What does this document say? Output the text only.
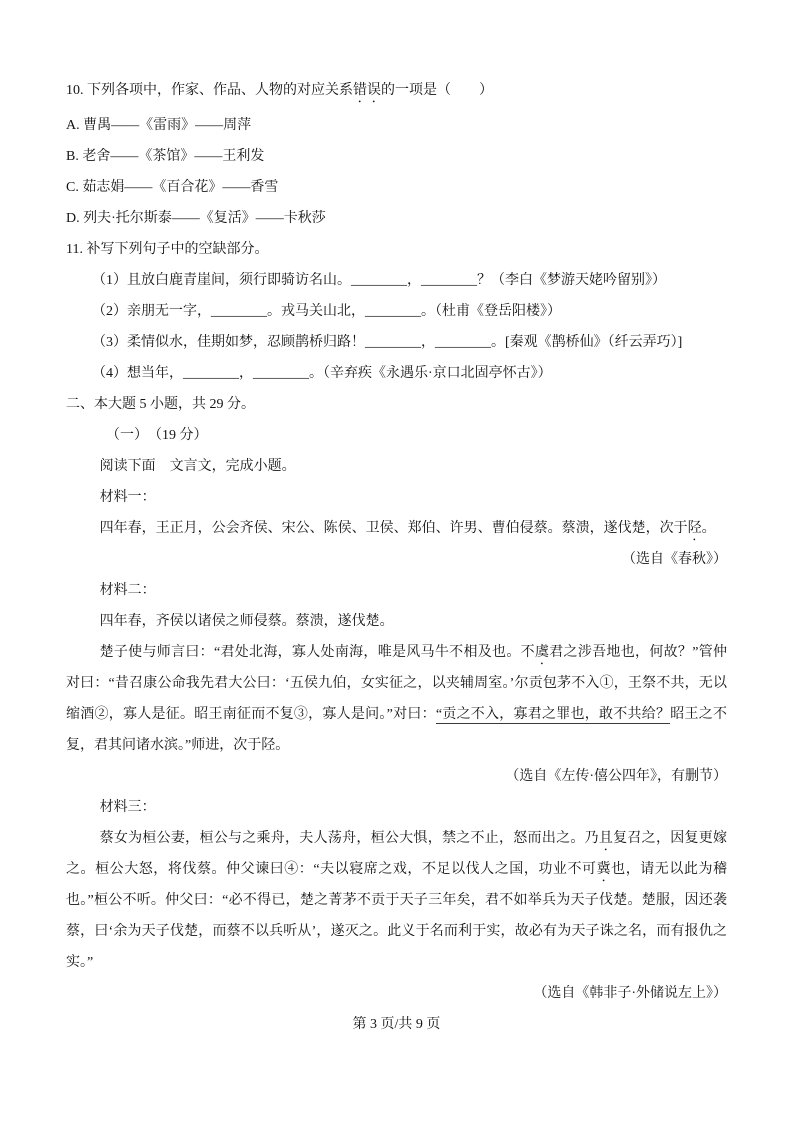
10. 下列各项中，作家、作品、人物的对应关系错误的一项是（　　）

A. 曹禺——《雷雨》——周萍

B. 老舍——《茶馆》——王利发

C. 茹志娟——《百合花》——香雪

D. 列夫·托尔斯泰——《复活》——卡秋莎

11. 补写下列句子中的空缺部分。

（1）且放白鹿青崖间，须行即骑访名山。________，________？（李白《梦游天姥吟留别》）

（2）亲朋无一字，________。戎马关山北，________。（杜甫《登岳阳楼》）

（3）柔情似水，佳期如梦，忍顾鹊桥归路！________，________。[秦观《鹊桥仙》（纤云弄巧）]

（4）想当年，________，________。（辛弃疾《永遇乐·京口北固亭怀古》）

二、本大题 5 小题，共 29 分。

（一）　（19 分）

阅读下面　文言文，完成小题。

材料一：

四年春，王正月，公会齐侯、宋公、陈侯、卫侯、郑伯、许男、曹伯侵蔡。蔡溃，遂伐楚，次于陉。

（选自《春秋》）

材料二：

四年春，齐侯以诸侯之师侵蔡。蔡溃，遂伐楚。

楚子使与师言曰：“君处北海，寡人处南海，唯是风马牛不相及也。不虞君之涉吾地也，何故？”管仲对曰：“昔召康公命我先君大公曰：‘五侯九伯，女实征之，以夹辅周室。’尔贡包茅不入①，王祭不共，无以缩酒②，寡人是征。昭王南征而不复③，寡人是问。”对曰：“贡之不入，寡君之罪也，敢不共给？昭王之不复，君其问诸水滨。”师进，次于陉。

（选自《左传·僖公四年》，有删节）

材料三：

蔡女为桓公妻，桓公与之乘舟，夫人荡舟，桓公大惧，禁之不止，怒而出之。乃且复召之，因复更嫁之。桓公大怒，将伐蔡。仲父谏曰④：“夫以寝席之戏，不足以伐人之国，功业不可冀也，请无以此为稽也。”桓公不听。仲父曰：“必不得已，楚之菁茅不贡于天子三年矣，君不如举兵为天子伐楚。楚服，因还袭蔡，曰‘余为天子伐楚，而蔡不以兵听从’，遂灭之。此义于名而利于实，故必有为天子诛之名，而有报仇之实。”

（选自《韩非子·外储说左上》）

第 3 页/共 9 页
